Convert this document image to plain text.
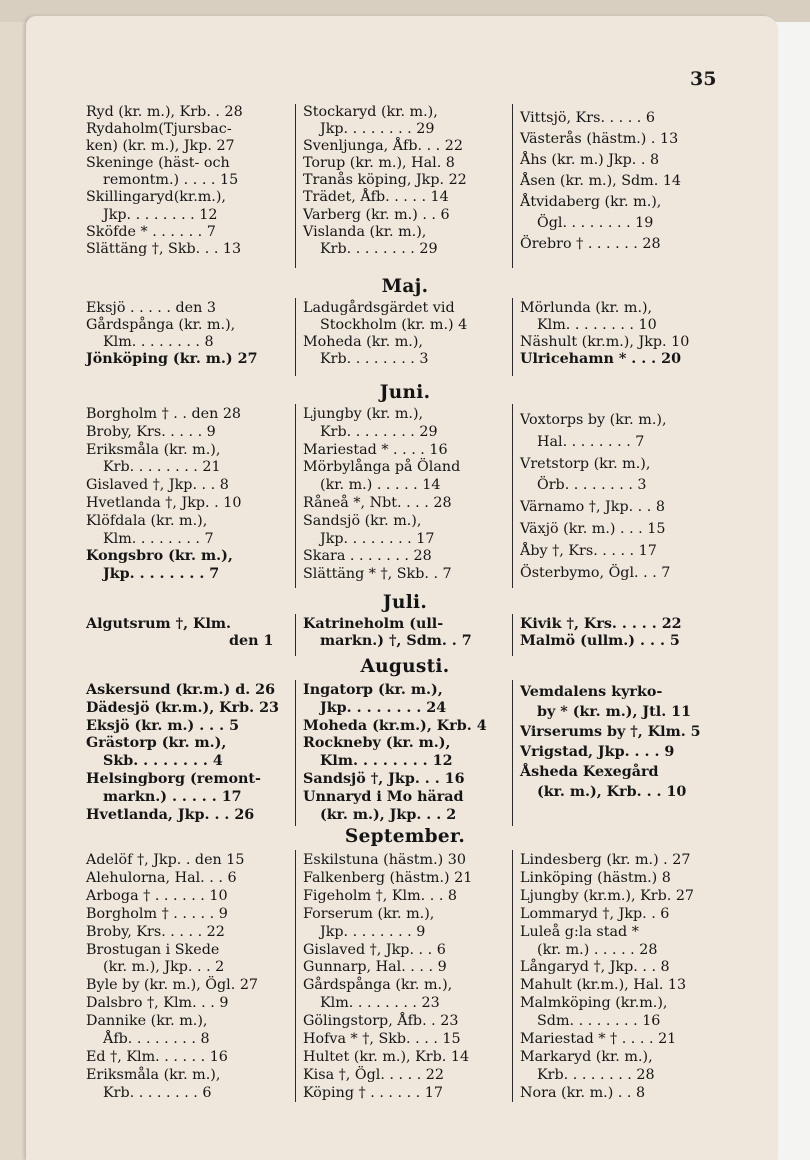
35
Ryd (kr. m.), Krb. . 28
Rydaholm(Tjursbac-
ken) (kr. m.), Jkp. 27
Skeninge (häst- och
remontm.) . . . . 15
Skillingaryd(kr.m.),
Jkp. . . . . . . . 12
Sköfde * . . . . . . 7
Slättäng †, Skb. . . 13
Stockaryd (kr. m.),
Jkp. . . . . . . . 29
Svenljunga, Åfb. . . 22
Torup (kr. m.), Hal. 8
Tranås köping, Jkp. 22
Trädet, Åfb. . . . . 14
Varberg (kr. m.) . . 6
Vislanda (kr. m.),
Krb. . . . . . . . 29
Vittsjö, Krs. . . . . 6
Västerås (hästm.) . 13
Åhs (kr. m.) Jkp. . 8
Åsen (kr. m.), Sdm. 14
Åtvidaberg (kr. m.),
Ögl. . . . . . . . 19
Örebro † . . . . . . 28
Maj.
Eksjö . . . . . den 3
Gårdspånga (kr. m.),
Klm. . . . . . . . 8
Jönköping (kr. m.) 27
Ladugårdsgärdet vid
Stockholm (kr. m.) 4
Moheda (kr. m.),
Krb. . . . . . . . 3
Mörlunda (kr. m.),
Klm. . . . . . . . 10
Näshult (kr.m.), Jkp. 10
Ulricehamn * . . . 20
Juni.
Borgholm † . . den 28
Broby, Krs. . . . . 9
Eriksmåla (kr. m.),
Krb. . . . . . . . 21
Gislaved †, Jkp. . . 8
Hvetlanda †, Jkp. . 10
Klöfdala (kr. m.),
Klm. . . . . . . . 7
Kongsbro (kr. m.),
Jkp. . . . . . . . 7
Ljungby (kr. m.),
Krb. . . . . . . . 29
Mariestad * . . . . 16
Mörbylånga på Öland
(kr. m.) . . . . . 14
Råneå *, Nbt. . . . 28
Sandsjö (kr. m.),
Jkp. . . . . . . . 17
Skara . . . . . . . 28
Slättäng * †, Skb. . 7
Voxtorps by (kr. m.),
Hal. . . . . . . . 7
Vretstorp (kr. m.),
Örb. . . . . . . . 3
Värnamo †, Jkp. . . 8
Växjö (kr. m.) . . . 15
Åby †, Krs. . . . . 17
Österbymo, Ögl. . . 7
Juli.
Algutsrum †, Klm.
den 1
Katrineholm (ull-
markn.) †, Sdm. . 7
Kivik †, Krs. . . . . 22
Malmö (ullm.) . . . 5
Augusti.
Askersund (kr.m.) d. 26
Dädesjö (kr.m.), Krb. 23
Eksjö (kr. m.) . . . 5
Grästorp (kr. m.),
Skb. . . . . . . . 4
Helsingborg (remont-
markn.) . . . . . 17
Hvetlanda, Jkp. . . 26
Ingatorp (kr. m.),
Jkp. . . . . . . . 24
Moheda (kr.m.), Krb. 4
Rockneby (kr. m.),
Klm. . . . . . . . 12
Sandsjö †, Jkp. . . 16
Unnaryd i Mo härad
(kr. m.), Jkp. . . 2
Vemdalens kyrko-
by * (kr. m.), Jtl. 11
Virserums by †, Klm. 5
Vrigstad, Jkp. . . . 9
Åsheda Kexegård
(kr. m.), Krb. . . 10
September.
Adelöf †, Jkp. . den 15
Alehulorna, Hal. . . 6
Arboga † . . . . . . 10
Borgholm † . . . . . 9
Broby, Krs. . . . . 22
Brostugan i Skede
(kr. m.), Jkp. . . 2
Byle by (kr. m.), Ögl. 27
Dalsbro †, Klm. . . 9
Dannike (kr. m.),
Åfb. . . . . . . . 8
Ed †, Klm. . . . . . 16
Eriksmåla (kr. m.),
Krb. . . . . . . . 6
Eskilstuna (hästm.) 30
Falkenberg (hästm.) 21
Figeholm †, Klm. . . 8
Forserum (kr. m.),
Jkp. . . . . . . . 9
Gislaved †, Jkp. . . 6
Gunnarp, Hal. . . . 9
Gårdspånga (kr. m.),
Klm. . . . . . . . 23
Gölingstorp, Åfb. . 23
Hofva * †, Skb. . . . 15
Hultet (kr. m.), Krb. 14
Kisa †, Ögl. . . . . 22
Köping † . . . . . . 17
Lindesberg (kr. m.) . 27
Linköping (hästm.) 8
Ljungby (kr.m.), Krb. 27
Lommaryd †, Jkp. . 6
Luleå g:la stad *
(kr. m.) . . . . . 28
Långaryd †, Jkp. . . 8
Mahult (kr.m.), Hal. 13
Malmköping (kr.m.),
Sdm. . . . . . . . 16
Mariestad * † . . . . 21
Markaryd (kr. m.),
Krb. . . . . . . . 28
Nora (kr. m.) . . 8
